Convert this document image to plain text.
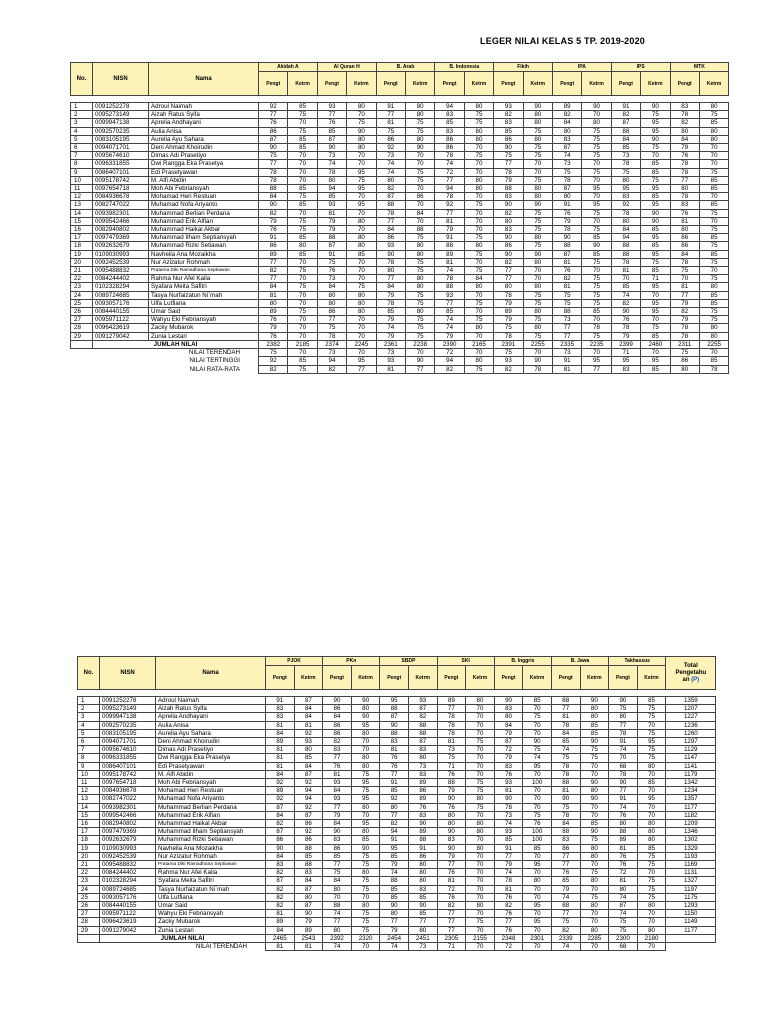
LEGER NILAI KELAS 5 TP. 2019-2020
No.	NISN	Nama	Akidah A		Al Quran H		B. Arab		B. Indonesia		Fikih		IPA		IPS		MTK	
			Pengt	Ketrm	Pengt	Ketrm	Pengt	Ketrm	Pengt	Ketrm	Pengt	Ketrm	Pengt	Ketrm	Pengt	Ketrm	Pengt	Ketrm

1	0091252278	Adroul Naimah	92	85	93	80	91	80	94	80	93	90	89	90	91	90	83	80
2	0095273149	Aizah Ratus Syifa	77	75	77	70	77	80	83	75	82	80	82	70	82	75	78	75
3	0099947138	Aprelia Andhayani	76	70	76	75	81	75	85	75	83	80	84	80	87	95	82	85
4	0092570235	Aulia Anisa	86	75	85	90	75	75	83	80	85	75	80	75	88	95	80	80
5	0083105195	Aurelia Ayu Sahara	87	85	87	80	86	80	86	80	86	80	83	75	84	90	84	80
6	0094071701	Deni Ahmad Khoirudin	90	85	90	80	92	90	86	70	90	75	87	75	85	75	79	70
7	0095674610	Dimas Adi Prasetiyo	75	70	73	70	73	70	78	75	75	75	74	75	73	70	76	70
8	0096331855	Dwi Rangga Eka Prasetya	77	70	74	70	74	70	74	70	77	70	73	70	78	85	78	70
9	0086407101	Edi Prasetyawan	78	70	78	95	74	75	72	70	78	70	75	75	75	85	78	75
10	0095178742	M. Alfi Abidin	78	70	80	75	80	75	77	80	79	75	78	70	80	75	77	85
11	0097654718	Moh Abi Febriansyah	88	85	94	95	82	70	94	80	88	80	87	95	95	95	80	85
12	0084936678	Mohamad Heri Restuan	84	75	85	70	87	86	78	70	83	80	80	70	83	85	78	70
13	0082747022	Muhamad Nofa Ariyanto	90	85	93	95	88	70	92	75	90	90	91	95	92	95	83	85
14	0093982301	Muhammad Berlian Perdana	82	70	81	70	78	84	77	70	82	75	76	75	78	90	76	75
15	0099542466	Muhammad Erik Alfian	79	75	79	80	77	70	81	70	80	75	79	70	80	90	81	70
16	0082940802	Muhammad Haikal Akbar	76	75	79	70	84	88	79	70	83	75	78	75	84	85	80	75
17	0097479369	Muhammad Ilham Septiansyah	91	85	88	80	86	75	91	75	90	80	90	85	94	95	86	85
18	0092632679	Muhammad Rizki Setiawan	86	80	87	80	93	80	88	80	86	75	88	90	88	85	86	75
19	0109030993	Navheila Ana Mozaikha	89	85	91	85	90	80	89	75	90	90	87	85	88	95	84	85
20	0092452539	Nur Azizatur Rohmah	77	70	75	70	78	75	81	70	82	80	81	75	78	75	78	75
21	0095488832	Pratama Diki Ramadhana Septiawan	82	75	76	70	80	75	74	75	77	70	76	70	81	85	75	70
22	0084244402	Rahma Nur Afel Kaila	77	70	73	70	77	80	78	84	77	70	82	75	70	71	70	75
23	0102328294	Syafara Meita Safitri	84	75	84	75	84	80	88	80	80	80	81	75	85	95	81	80
24	0089724685	Tasya Nurfaizatun Ni`mah	81	70	80	80	79	75	93	70	78	75	75	75	74	70	77	85
25	0093057176	Ulfa Lutfiana	80	70	80	80	78	75	77	75	79	75	75	75	82	95	79	85
26	0084440155	Umar Said	89	75	86	80	85	80	85	70	89	80	88	85	90	95	82	75
27	0095971122	Wahyu Eki Febriansyah	76	70	77	70	79	75	74	75	79	75	73	70	76	70	79	75
28	0096423619	Zacky Mubarok	79	70	75	70	74	75	74	80	75	80	77	78	78	75	78	80
29	0091279042	Zunia Lestari	76	70	78	70	79	75	79	70	78	75	77	75	79	85	78	80
	JUMLAH NILAI		2382	2185	2374	2245	2361	2238	2390	2165	2391	2255	2335	2235	2399	2460	2311	2255
	NILAI TERENDAH		75	70	73	70	73	70	72	70	75	70	73	70	71	70	75	70
	NILAI TERTINGGI		92	85	94	95	93	90	94	80	93	90	91	95	95	95	86	85
	NILAI RATA-RATA		82	75	82	77	81	77	82	75	82	78	81	77	83	85	80	78
No.	NISN	Nama	PJOK		PKn		SBDP		SKI		B. Inggris		B. Jawa		Takhassus		Total
Pengetahu
an (P)

			Pengt	Ketrm	Pengt	Ketrm	Pengt	Ketrm	Pengt	Ketrm	Pengt	Ketrm	Pengt	Ketrm	Pengt	Ketrm	

1	0091252278	Adroul Naimah	91	87	90	90	95	93	89	80	90	85	88	90	90	85	1359
2	0095273149	Aizah Ratus Syifa	83	84	86	80	88	87	77	70	83	70	77	80	75	75	1207
3	0099947138	Aprelia Andhayani	83	84	84	90	87	82	78	70	80	75	81	80	80	75	1227
4	0092570235	Aulia Anisa	81	81	86	95	90	88	78	70	84	70	78	85	77	70	1236
5	0083105195	Aurelia Ayu Sahara	84	92	86	80	88	88	78	70	79	70	84	85	78	75	1260
6	0094071701	Deni Ahmad Khoirudin	89	93	82	70	83	87	81	75	87	90	85	90	91	95	1297
7	0095674610	Dimas Adi Prasetiyo	81	80	83	70	81	83	73	70	72	75	74	75	74	75	1129
8	0096331855	Dwi Rangga Eka Prasetya	81	85	77	80	76	80	75	70	79	74	75	75	70	75	1147
9	0086407101	Edi Prasetyawan	81	84	76	80	76	73	71	70	83	95	78	70	68	80	1141
10	0095178742	M. Alfi Abidin	84	87	81	75	77	83	76	70	76	70	78	70	78	70	1179
11	0097654718	Moh Abi Febriansyah	92	92	93	95	91	89	88	75	93	100	88	90	90	85	1342
12	0084936678	Mohamad Heri Restuan	89	94	84	75	85	86	79	75	81	70	81	80	77	70	1234
13	0082747022	Muhamad Nofa Ariyanto	92	94	93	95	92	89	90	80	90	70	90	90	91	95	1357
14	0093982301	Muhammad Berlian Perdana	87	92	77	80	80	76	76	75	78	70	75	70	74	70	1177
15	0099542466	Muhammad Erik Alfian	84	87	79	70	77	83	80	70	73	75	78	70	76	70	1182
16	0082940802	Muhammad Haikal Akbar	82	86	84	95	82	90	80	80	74	76	84	85	80	80	1209
17	0097479369	Muhammad Ilham Septiansyah	87	92	90	80	94	89	90	80	93	100	88	90	88	80	1346
18	0092632679	Muhammad Rizki Setiawan	86	86	83	85	91	88	83	70	85	100	83	75	89	80	1302
19	0109030993	Navheila Ana Mozaikha	90	88	86	90	95	91	90	80	91	85	86	80	81	85	1329
20	0092452539	Nur Azizatur Rohmah	84	85	85	75	85	86	79	70	77	70	77	80	76	75	1193
21	0095488832	Pratama Diki Ramadhana Septiawan	83	88	77	75	79	80	77	70	79	95	77	70	76	75	1169
22	0084244402	Rahma Nur Afel Kaila	82	83	75	80	74	80	76	70	74	70	76	75	72	70	1131
23	0102328294	Syafara Meita Safitri	87	84	84	75	88	80	81	70	78	80	85	80	81	75	1327
24	0089724685	Tasya Nurfaizatun Ni`mah	82	87	80	75	85	83	72	70	81	70	79	70	80	75	1197
25	0093057176	Ulfa Lutfiana	82	80	70	70	85	85	76	70	76	70	74	75	74	75	1175
26	0084440155	Umar Said	82	87	88	80	90	90	82	80	82	95	88	80	87	80	1293
27	0095971122	Wahyu Eki Febriansyah	81	90	74	75	80	85	77	70	76	70	77	70	74	70	1150
28	0096423619	Zacky Mubarok	89	79	77	75	77	77	77	75	77	95	75	70	75	70	1149
29	0091279042	Zunia Lestari	84	89	80	75	79	80	77	70	76	70	82	80	75	80	1177
	JUMLAH NILAI		2465	2543	2392	2320	2454	2451	2305	2155	2348	2301	2339	2285	2300	2180	
	NILAI TERENDAH		81	81	74	70	74	73	71	70	72	70	74	70	68	70	
